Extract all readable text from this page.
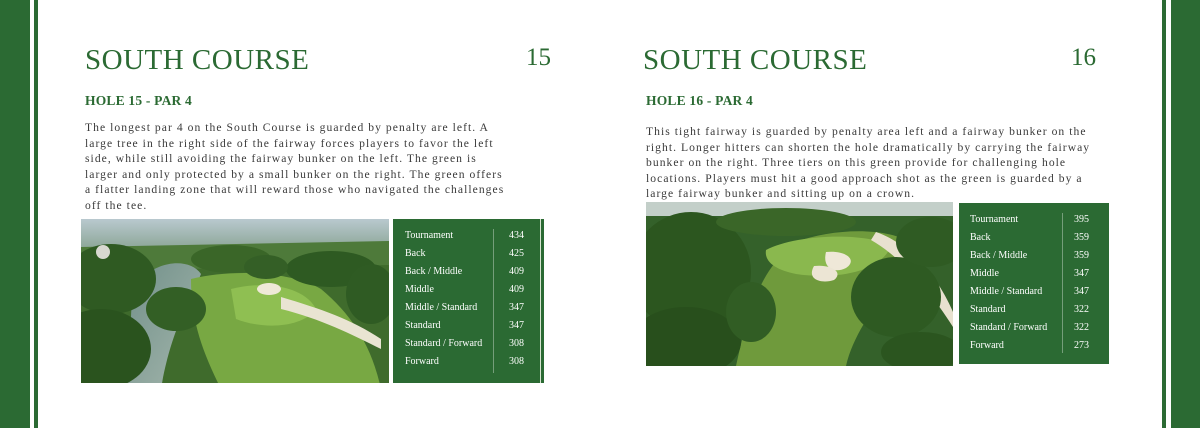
SOUTH COURSE	15
HOLE 15 - PAR 4

The longest par 4 on the South Course is guarded by penalty are left. A large tree in the right side of the fairway forces players to favor the left side, while still avoiding the fairway bunker on the left. The green is larger and only protected by a small bunker on the right. The green offers a flatter landing zone that will reward those who navigated the challenges off the tee.

Tournament	434
Back	425
Back / Middle	409
Middle	409
Middle / Standard	347
Standard	347
Standard / Forward	308
Forward	308
SOUTH COURSE	16
HOLE 16 - PAR 4

This tight fairway is guarded by penalty area left and a fairway bunker on the right. Longer hitters can shorten the hole dramatically by carrying the fairway bunker on the right. Three tiers on this green provide for challenging hole locations. Players must hit a good approach shot as the green is guarded by a large fairway bunker and sitting up on a crown.

Tournament	395
Back	359
Back / Middle	359
Middle	347
Middle / Standard	347
Standard	322
Standard / Forward	322
Forward	273
